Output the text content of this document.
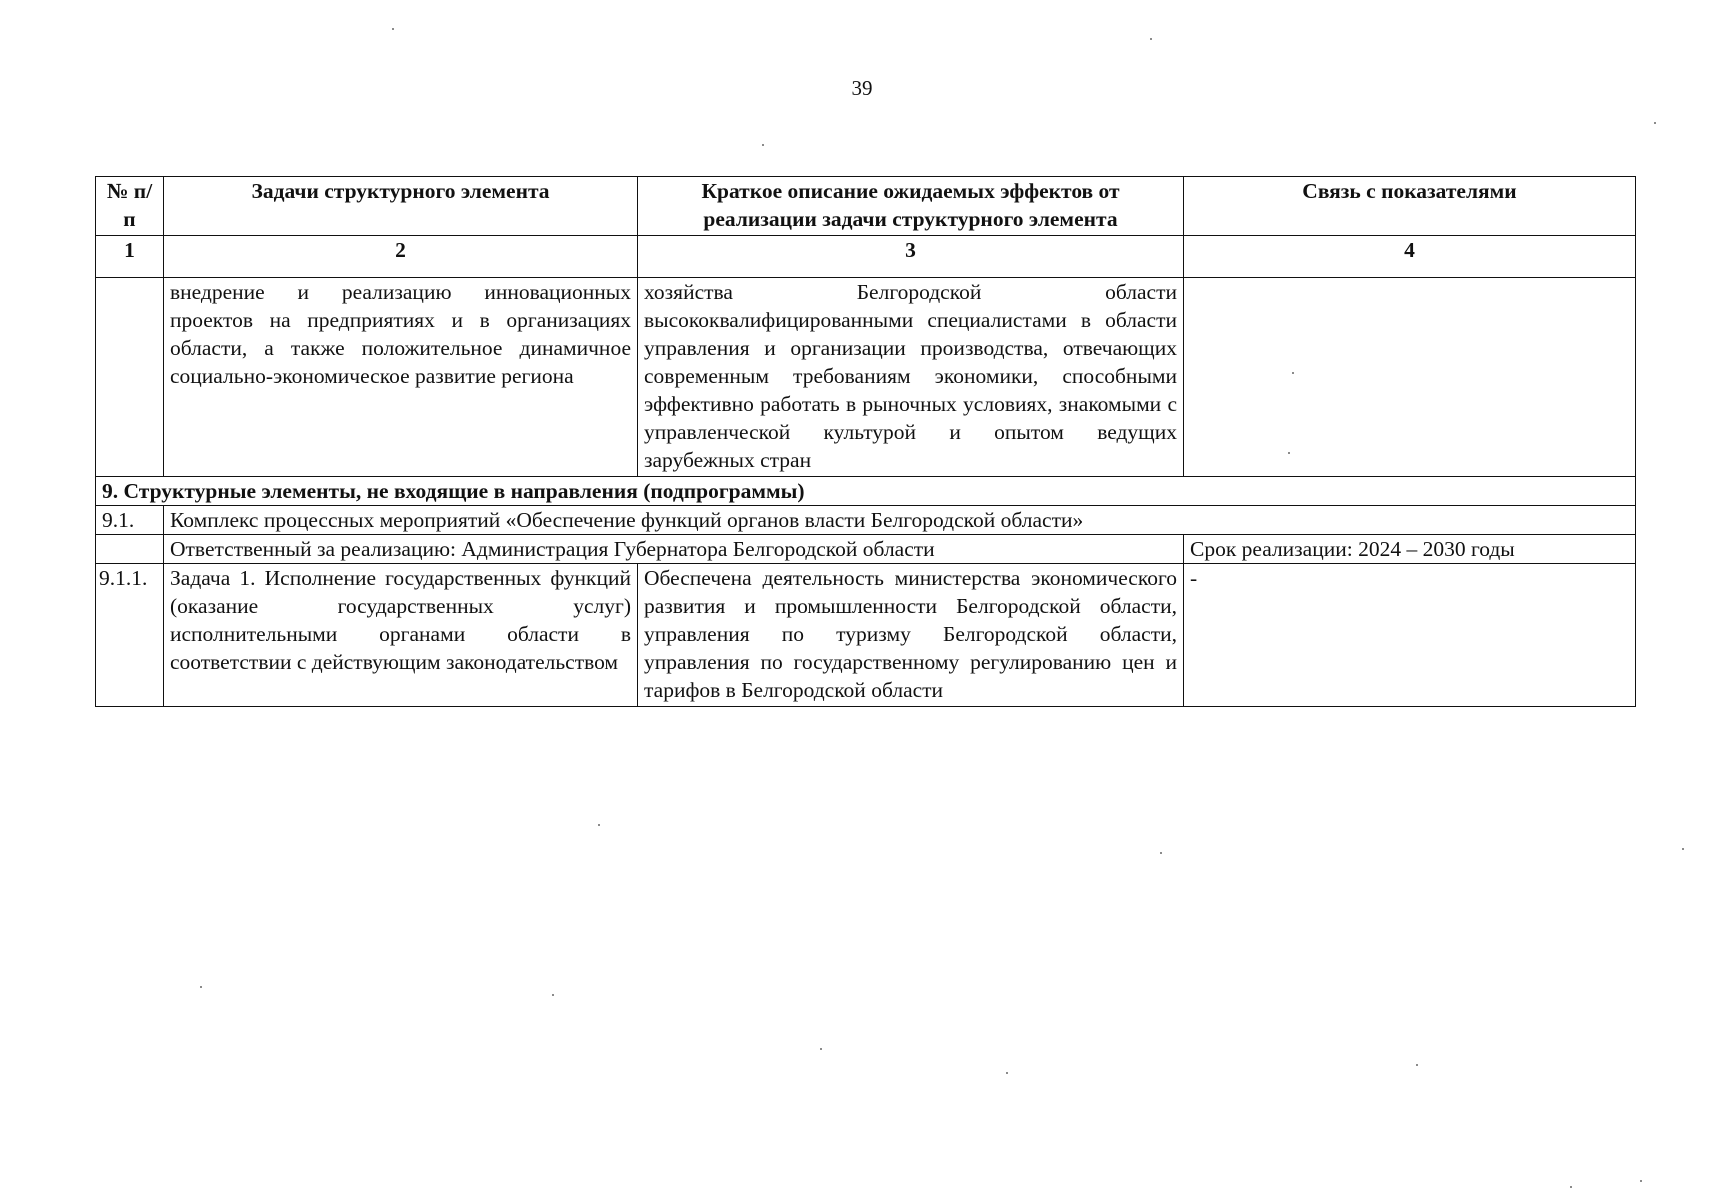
39
№ п/п	Задачи структурного элемента	Краткое описание ожидаемых эффектов от реализации задачи структурного элемента	Связь с показателями
1	2	3	4
	внедрение и реализацию инновационных проектов на предприятиях и в организациях области, а также положительное динамичное социально-экономическое развитие региона	хозяйства Белгородской области высококвалифицированными специалистами в области управления и организации производства, отвечающих современным требованиям экономики, способными эффективно работать в рыночных условиях, знакомыми с управленческой культурой и опытом ведущих зарубежных стран	
9. Структурные элементы, не входящие в направления (подпрограммы)			
9.1.	Комплекс процессных мероприятий «Обеспечение функций органов власти Белгородской области»		
	Ответственный за реализацию: Администрация Губернатора Белгородской области		Срок реализации: 2024 – 2030 годы
9.1.1.	Задача 1. Исполнение государственных функций (оказание государственных услуг) исполнительными органами области в соответствии с действующим законодательством	Обеспечена деятельность министерства экономического развития и промышленности Белгородской области, управления по туризму Белгородской области, управления по государственному регулированию цен и тарифов в Белгородской области	-
